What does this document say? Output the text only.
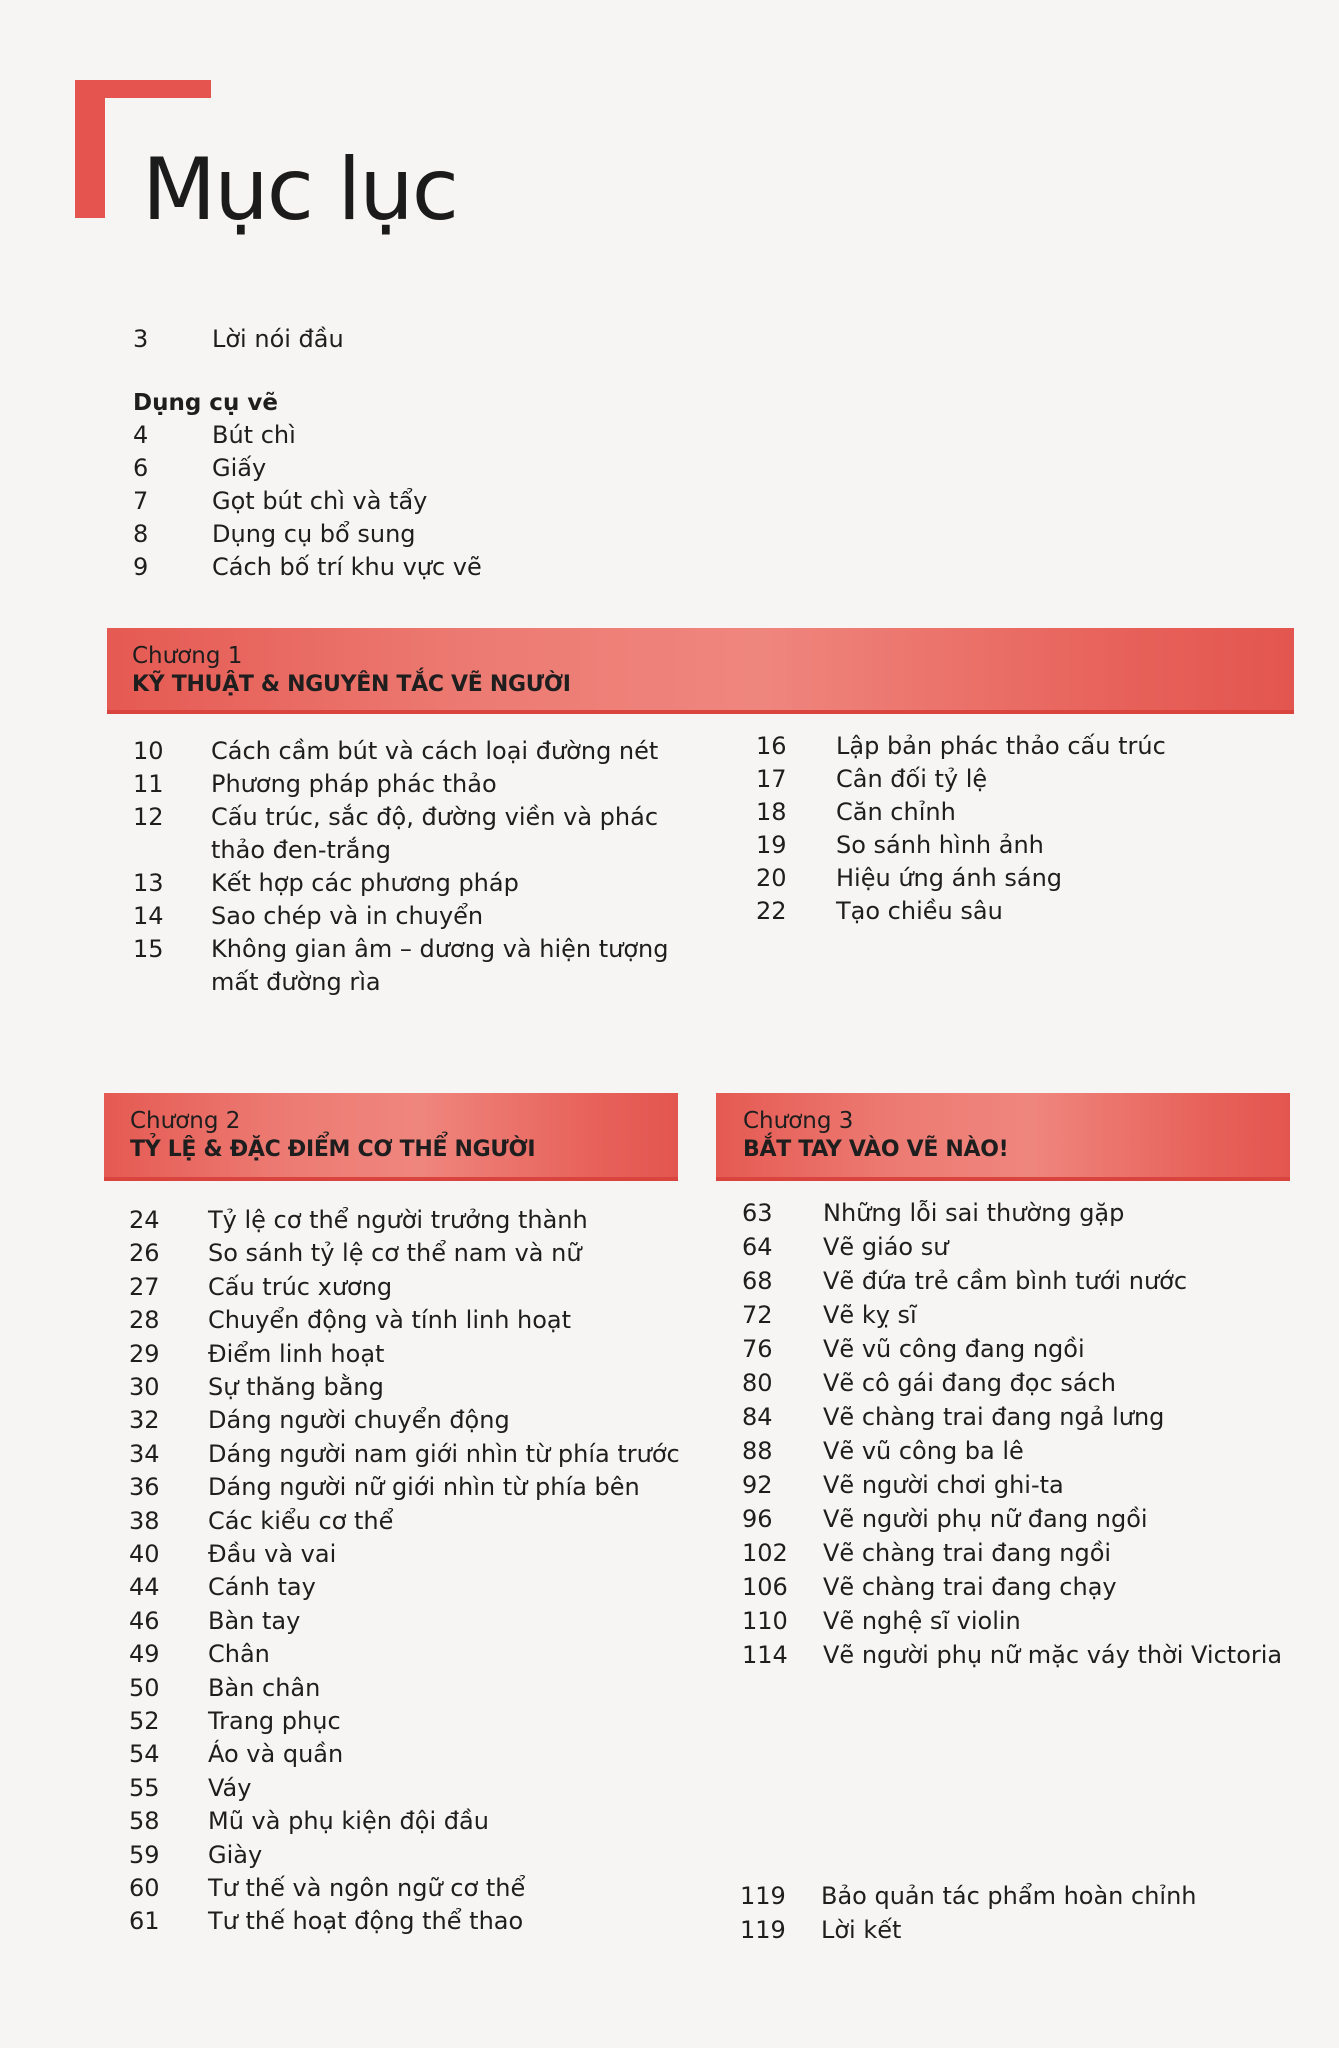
Mục lục
3	Lời nói đầu
Dụng cụ vẽ
4	Bút chì
6	Giấy
7	Gọt bút chì và tẩy
8	Dụng cụ bổ sung
9	Cách bố trí khu vực vẽ
Chương 1
KỸ THUẬT & NGUYÊN TẮC VẼ NGƯỜI
10 Cách cầm bút và cách loại đường nét
11 Phương pháp phác thảo
12 Cấu trúc, sắc độ, đường viền và phác
thảo đen-trắng
13 Kết hợp các phương pháp
14 Sao chép và in chuyển
15 Không gian âm – dương và hiện tượng
mất đường rìa
16 Lập bản phác thảo cấu trúc
17 Cân đối tỷ lệ
18 Căn chỉnh
19 So sánh hình ảnh
20 Hiệu ứng ánh sáng
22 Tạo chiều sâu
Chương 2
TỶ LỆ & ĐẶC ĐIỂM CƠ THỂ NGƯỜI
24 Tỷ lệ cơ thể người trưởng thành
26 So sánh tỷ lệ cơ thể nam và nữ
27 Cấu trúc xương
28 Chuyển động và tính linh hoạt
29 Điểm linh hoạt
30 Sự thăng bằng
32 Dáng người chuyển động
34 Dáng người nam giới nhìn từ phía trước
36 Dáng người nữ giới nhìn từ phía bên
38 Các kiểu cơ thể
40 Đầu và vai
44 Cánh tay
46 Bàn tay
49 Chân
50 Bàn chân
52 Trang phục
54 Áo và quần
55 Váy
58 Mũ và phụ kiện đội đầu
59 Giày
60 Tư thế và ngôn ngữ cơ thể
61 Tư thế hoạt động thể thao
Chương 3
BẮT TAY VÀO VẼ NÀO!
63 Những lỗi sai thường gặp
64 Vẽ giáo sư
68 Vẽ đứa trẻ cầm bình tưới nước
72 Vẽ kỵ sĩ
76 Vẽ vũ công đang ngồi
80 Vẽ cô gái đang đọc sách
84 Vẽ chàng trai đang ngả lưng
88 Vẽ vũ công ba lê
92 Vẽ người chơi ghi-ta
96 Vẽ người phụ nữ đang ngồi
102 Vẽ chàng trai đang ngồi
106 Vẽ chàng trai đang chạy
110 Vẽ nghệ sĩ violin
114 Vẽ người phụ nữ mặc váy thời Victoria
119 Bảo quản tác phẩm hoàn chỉnh
119 Lời kết
